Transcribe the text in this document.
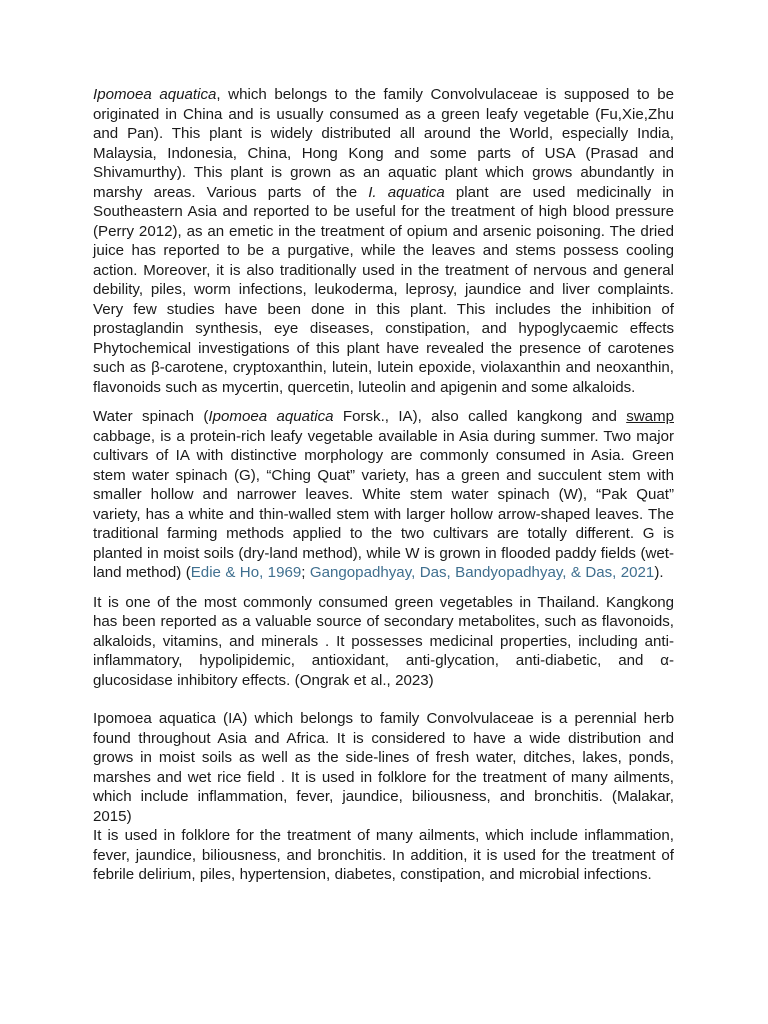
Ipomoea aquatica, which belongs to the family Convolvulaceae is supposed to be originated in China and is usually consumed as a green leafy vegetable (Fu,Xie,Zhu and Pan). This plant is widely distributed all around the World, especially India, Malaysia, Indonesia, China, Hong Kong and some parts of USA (Prasad and Shivamurthy). This plant is grown as an aquatic plant which grows abundantly in marshy areas. Various parts of the I. aquatica plant are used medicinally in Southeastern Asia and reported to be useful for the treatment of high blood pressure (Perry 2012), as an emetic in the treatment of opium and arsenic poisoning. The dried juice has reported to be a purgative, while the leaves and stems possess cooling action. Moreover, it is also traditionally used in the treatment of nervous and general debility, piles, worm infections, leukoderma, leprosy, jaundice and liver complaints. Very few studies have been done in this plant. This includes the inhibition of prostaglandin synthesis, eye diseases, constipation, and hypoglycaemic effects Phytochemical investigations of this plant have revealed the presence of carotenes such as β-carotene, cryptoxanthin, lutein, lutein epoxide, violaxanthin and neoxanthin, flavonoids such as mycertin, quercetin, luteolin and apigenin and some alkaloids.

Water spinach (Ipomoea aquatica Forsk., IA), also called kangkong and swamp cabbage, is a protein-rich leafy vegetable available in Asia during summer. Two major cultivars of IA with distinctive morphology are commonly consumed in Asia. Green stem water spinach (G), “Ching Quat” variety, has a green and succulent stem with smaller hollow and narrower leaves. White stem water spinach (W), “Pak Quat” variety, has a white and thin-walled stem with larger hollow arrow-shaped leaves. The traditional farming methods applied to the two cultivars are totally different. G is planted in moist soils (dry-land method), while W is grown in flooded paddy fields (wet-land method) (Edie & Ho, 1969; Gangopadhyay, Das, Bandyopadhyay, & Das, 2021).

It is one of the most commonly consumed green vegetables in Thailand. Kangkong has been reported as a valuable source of secondary metabolites, such as flavonoids, alkaloids, vitamins, and minerals . It possesses medicinal properties, including anti-inflammatory, hypolipidemic, antioxidant, anti-glycation, anti-diabetic, and α-glucosidase inhibitory effects. (Ongrak et al., 2023)

Ipomoea aquatica (IA) which belongs to family Convolvulaceae is a perennial herb found throughout Asia and Africa. It is considered to have a wide distribution and grows in moist soils as well as the side-lines of fresh water, ditches, lakes, ponds, marshes and wet rice field . It is used in folklore for the treatment of many ailments, which include inflammation, fever, jaundice, biliousness, and bronchitis. (Malakar, 2015)

It is used in folklore for the treatment of many ailments, which include inflammation, fever, jaundice, biliousness, and bronchitis. In addition, it is used for the treatment of febrile delirium, piles, hypertension, diabetes, constipation, and microbial infections.
